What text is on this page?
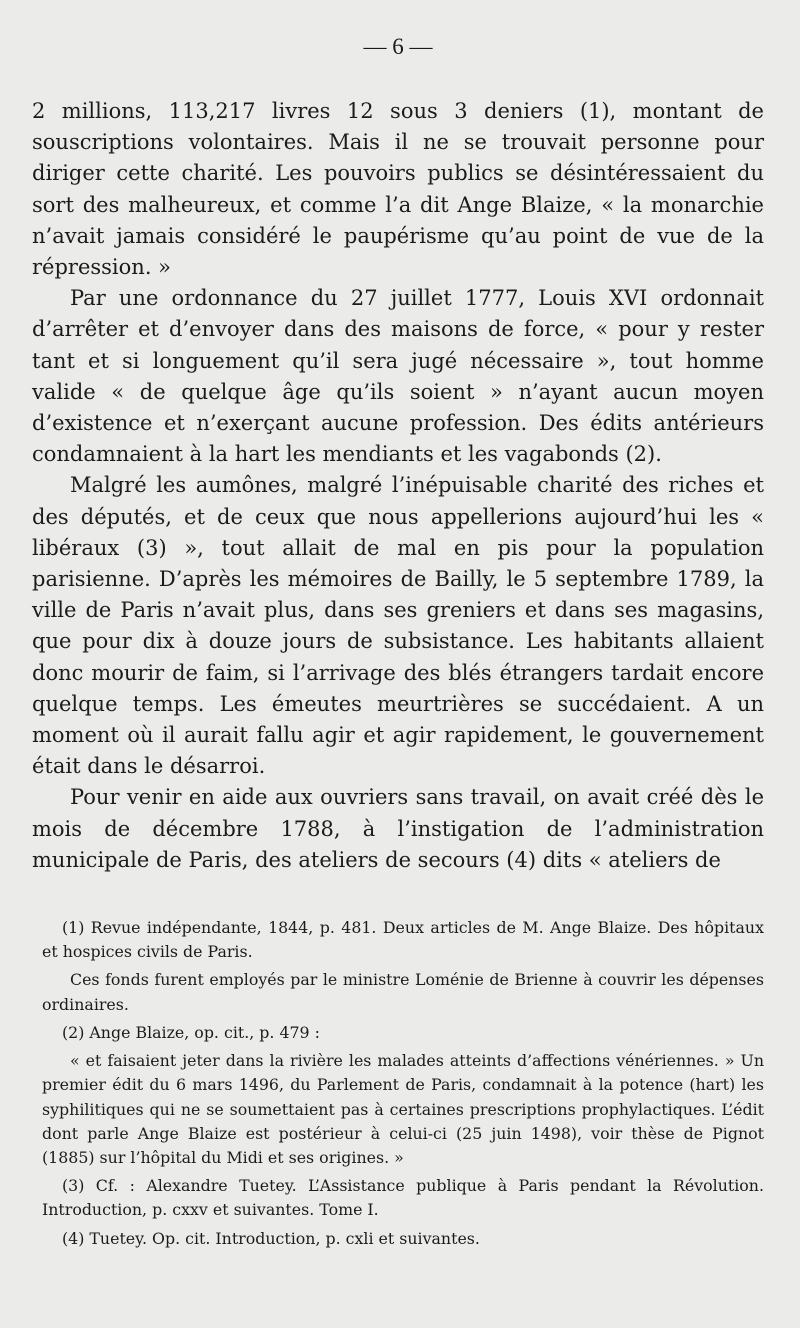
— 6 —

2 millions, 113,217 livres 12 sous 3 deniers (1), montant de souscriptions volontaires. Mais il ne se trouvait personne pour diriger cette charité. Les pouvoirs publics se désintéressaient du sort des malheureux, et comme l’a dit Ange Blaize, « la monarchie n’avait jamais considéré le paupérisme qu’au point de vue de la répression. »

Par une ordonnance du 27 juillet 1777, Louis XVI ordonnait d’arrêter et d’envoyer dans des maisons de force, « pour y rester tant et si longuement qu’il sera jugé nécessaire », tout homme valide « de quelque âge qu’ils soient » n’ayant aucun moyen d’existence et n’exerçant aucune profession. Des édits antérieurs condamnaient à la hart les mendiants et les vagabonds (2).

Malgré les aumônes, malgré l’inépuisable charité des riches et des députés, et de ceux que nous appellerions aujourd’hui les « libéraux (3) », tout allait de mal en pis pour la population parisienne. D’après les mémoires de Bailly, le 5 septembre 1789, la ville de Paris n’avait plus, dans ses greniers et dans ses magasins, que pour dix à douze jours de subsistance. Les habitants allaient donc mourir de faim, si l’arrivage des blés étrangers tardait encore quelque temps. Les émeutes meurtrières se succédaient. A un moment où il aurait fallu agir et agir rapidement, le gouvernement était dans le désarroi.

Pour venir en aide aux ouvriers sans travail, on avait créé dès le mois de décembre 1788, à l’instigation de l’administration municipale de Paris, des ateliers de secours (4) dits « ateliers de

(1) Revue indépendante, 1844, p. 481. Deux articles de M. Ange Blaize. Des hôpitaux et hospices civils de Paris.

Ces fonds furent employés par le ministre Loménie de Brienne à couvrir les dépenses ordinaires.

(2) Ange Blaize, op. cit., p. 479 :

« et faisaient jeter dans la rivière les malades atteints d’affections vénériennes. » Un premier édit du 6 mars 1496, du Parlement de Paris, condamnait à la potence (hart) les syphilitiques qui ne se soumettaient pas à certaines prescriptions prophylactiques. L’édit dont parle Ange Blaize est postérieur à celui-ci (25 juin 1498), voir thèse de Pignot (1885) sur l’hôpital du Midi et ses origines. »

(3) Cf. : Alexandre Tuetey. L’Assistance publique à Paris pendant la Révolution. Introduction, p. cxxv et suivantes. Tome I.

(4) Tuetey. Op. cit. Introduction, p. cxli et suivantes.
